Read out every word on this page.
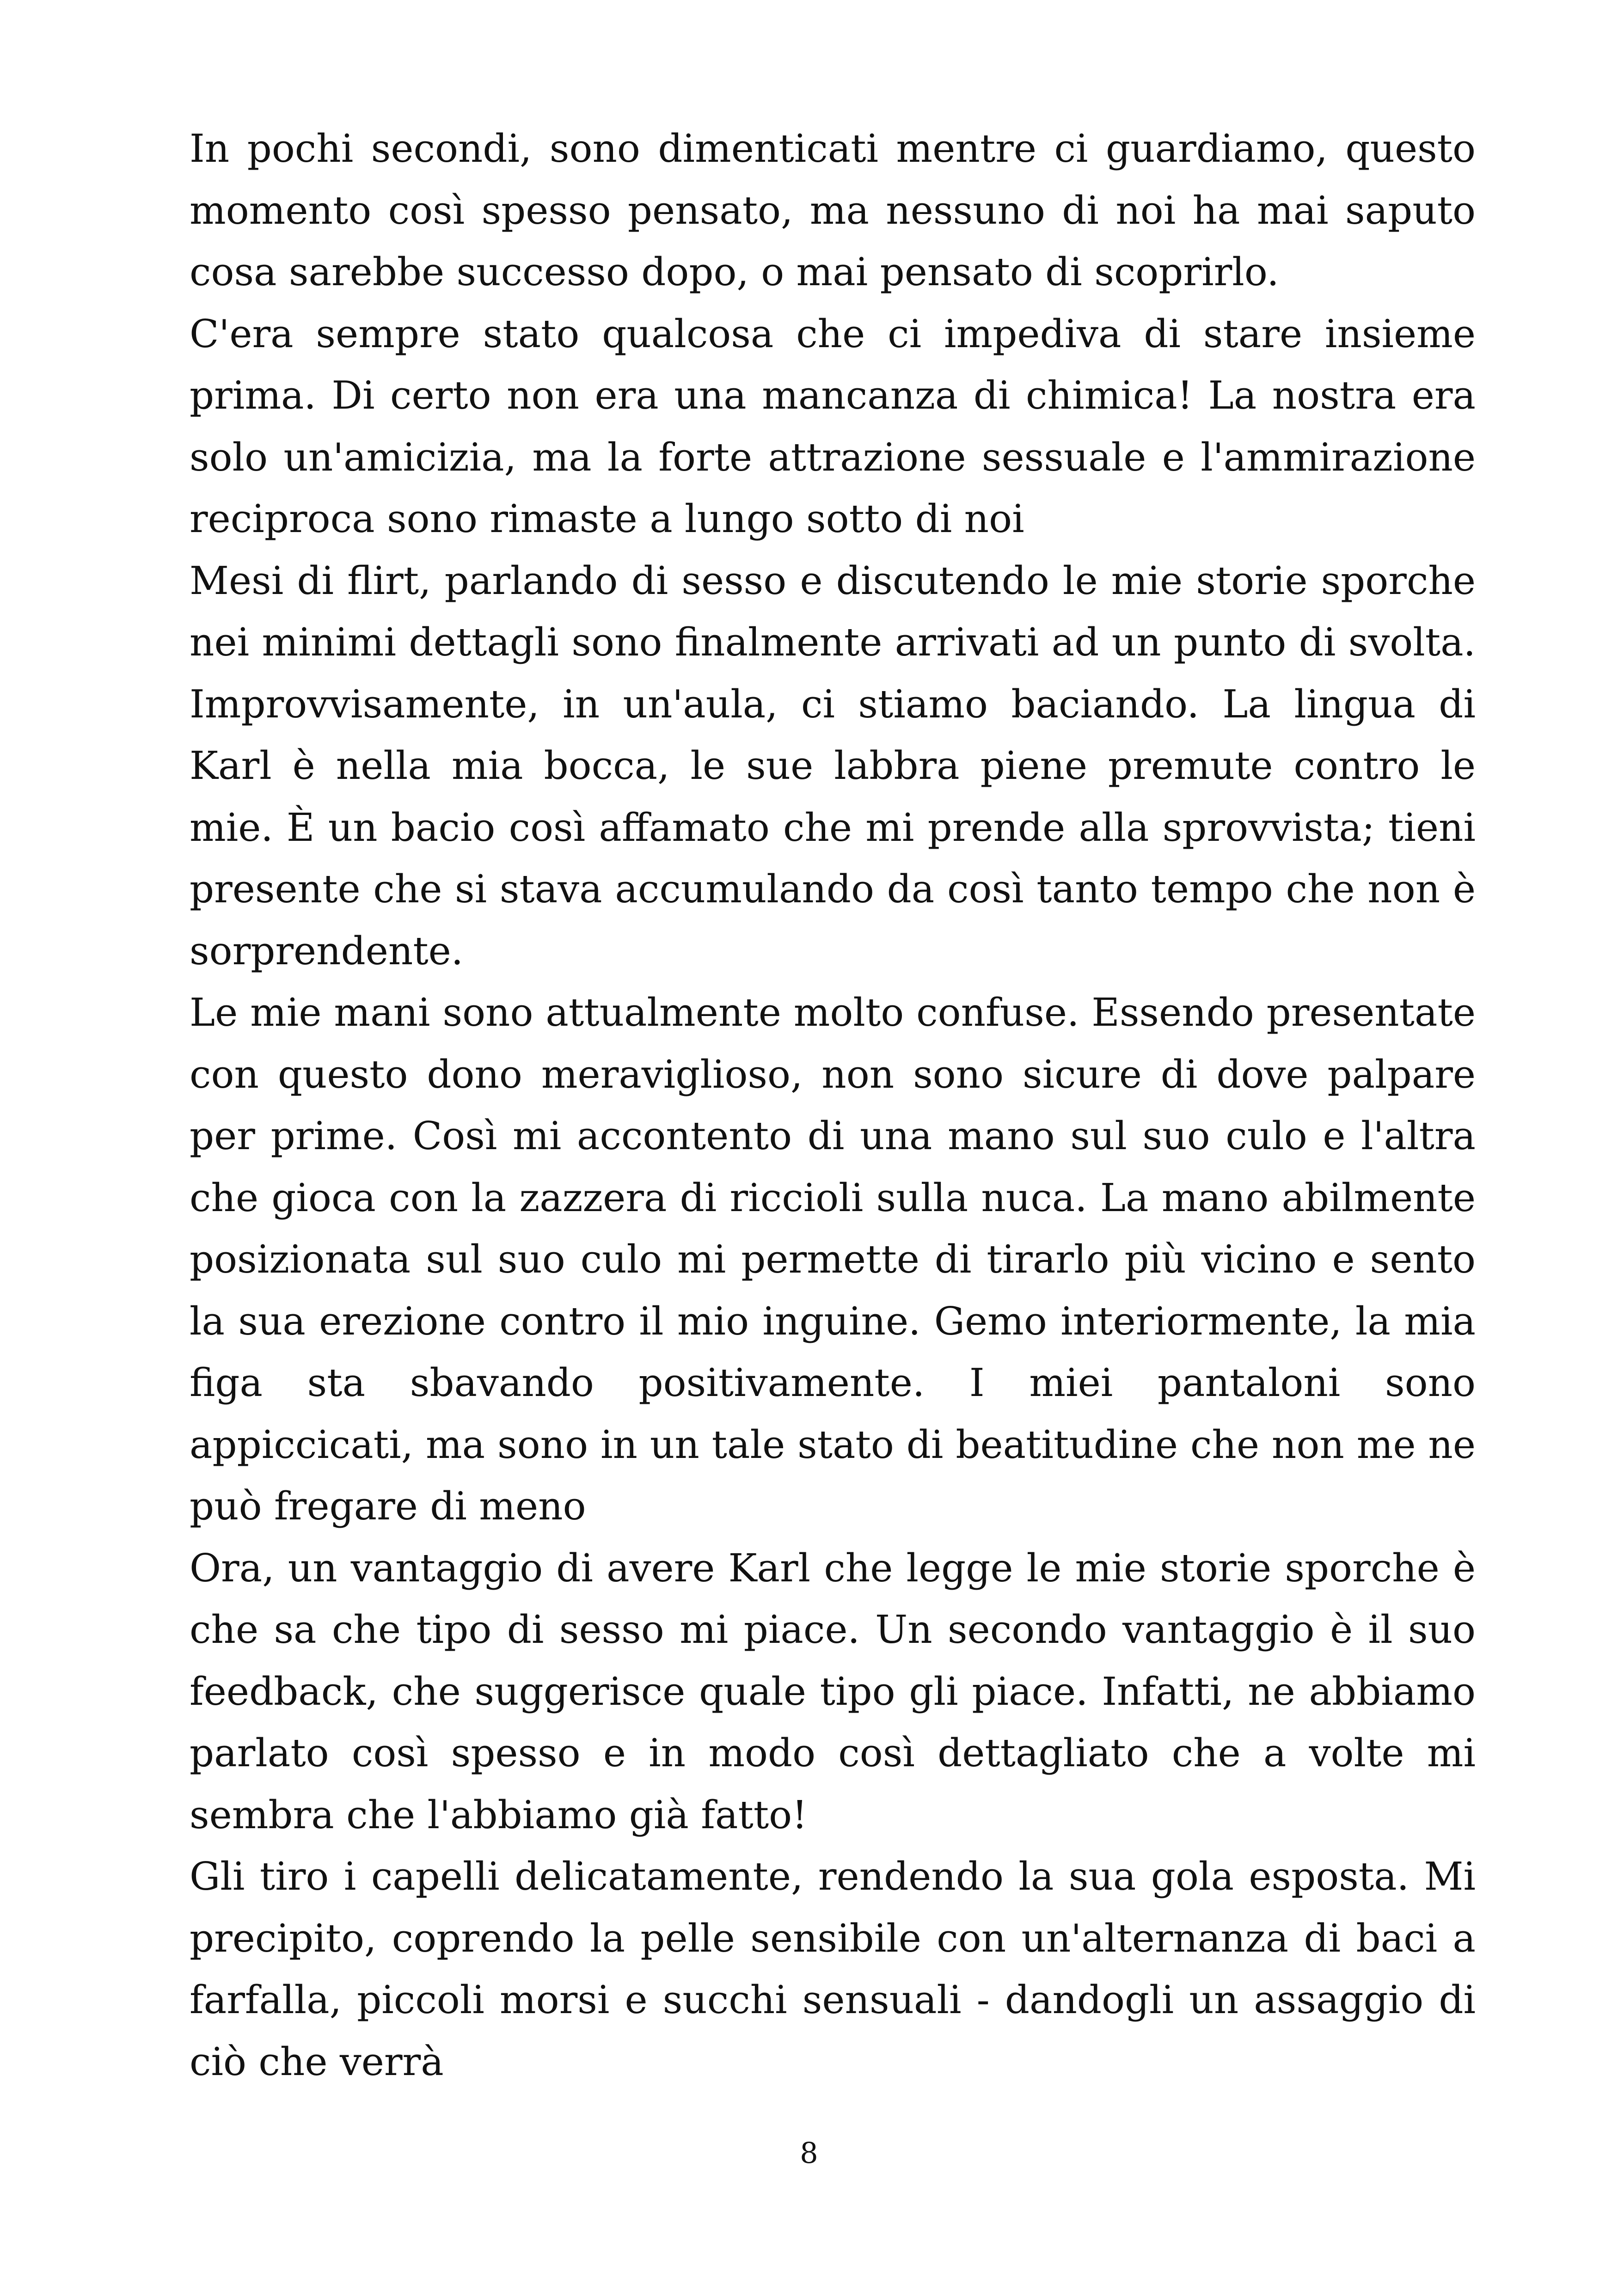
In pochi secondi, sono dimenticati mentre ci guardiamo, questo momento così spesso pensato, ma nessuno di noi ha mai saputo cosa sarebbe successo dopo, o mai pensato di scoprirlo.

C'era sempre stato qualcosa che ci impediva di stare insieme prima. Di certo non era una mancanza di chimica! La nostra era solo un'amicizia, ma la forte attrazione sessuale e l'ammirazione reciproca sono rimaste a lungo sotto di noi

Mesi di flirt, parlando di sesso e discutendo le mie storie sporche nei minimi dettagli sono finalmente arrivati ad un punto di svolta. Improvvisamente, in un'aula, ci stiamo baciando. La lingua di Karl è nella mia bocca, le sue labbra piene premute contro le mie. È un bacio così affamato che mi prende alla sprovvista; tieni presente che si stava accumulando da così tanto tempo che non è sorprendente.

Le mie mani sono attualmente molto confuse. Essendo presentate con questo dono meraviglioso, non sono sicure di dove palpare per prime. Così mi accontento di una mano sul suo culo e l'altra che gioca con la zazzera di riccioli sulla nuca. La mano abilmente posizionata sul suo culo mi permette di tirarlo più vicino e sento la sua erezione contro il mio inguine. Gemo interiormente, la mia figa sta sbavando positivamente. I miei pantaloni sono appiccicati, ma sono in un tale stato di beatitudine che non me ne può fregare di meno

Ora, un vantaggio di avere Karl che legge le mie storie sporche è che sa che tipo di sesso mi piace. Un secondo vantaggio è il suo feedback, che suggerisce quale tipo gli piace. Infatti, ne abbiamo parlato così spesso e in modo così dettagliato che a volte mi sembra che l'abbiamo già fatto!

Gli tiro i capelli delicatamente, rendendo la sua gola esposta. Mi precipito, coprendo la pelle sensibile con un'alternanza di baci a farfalla, piccoli morsi e succhi sensuali - dandogli un assaggio di ciò che verrà

8
